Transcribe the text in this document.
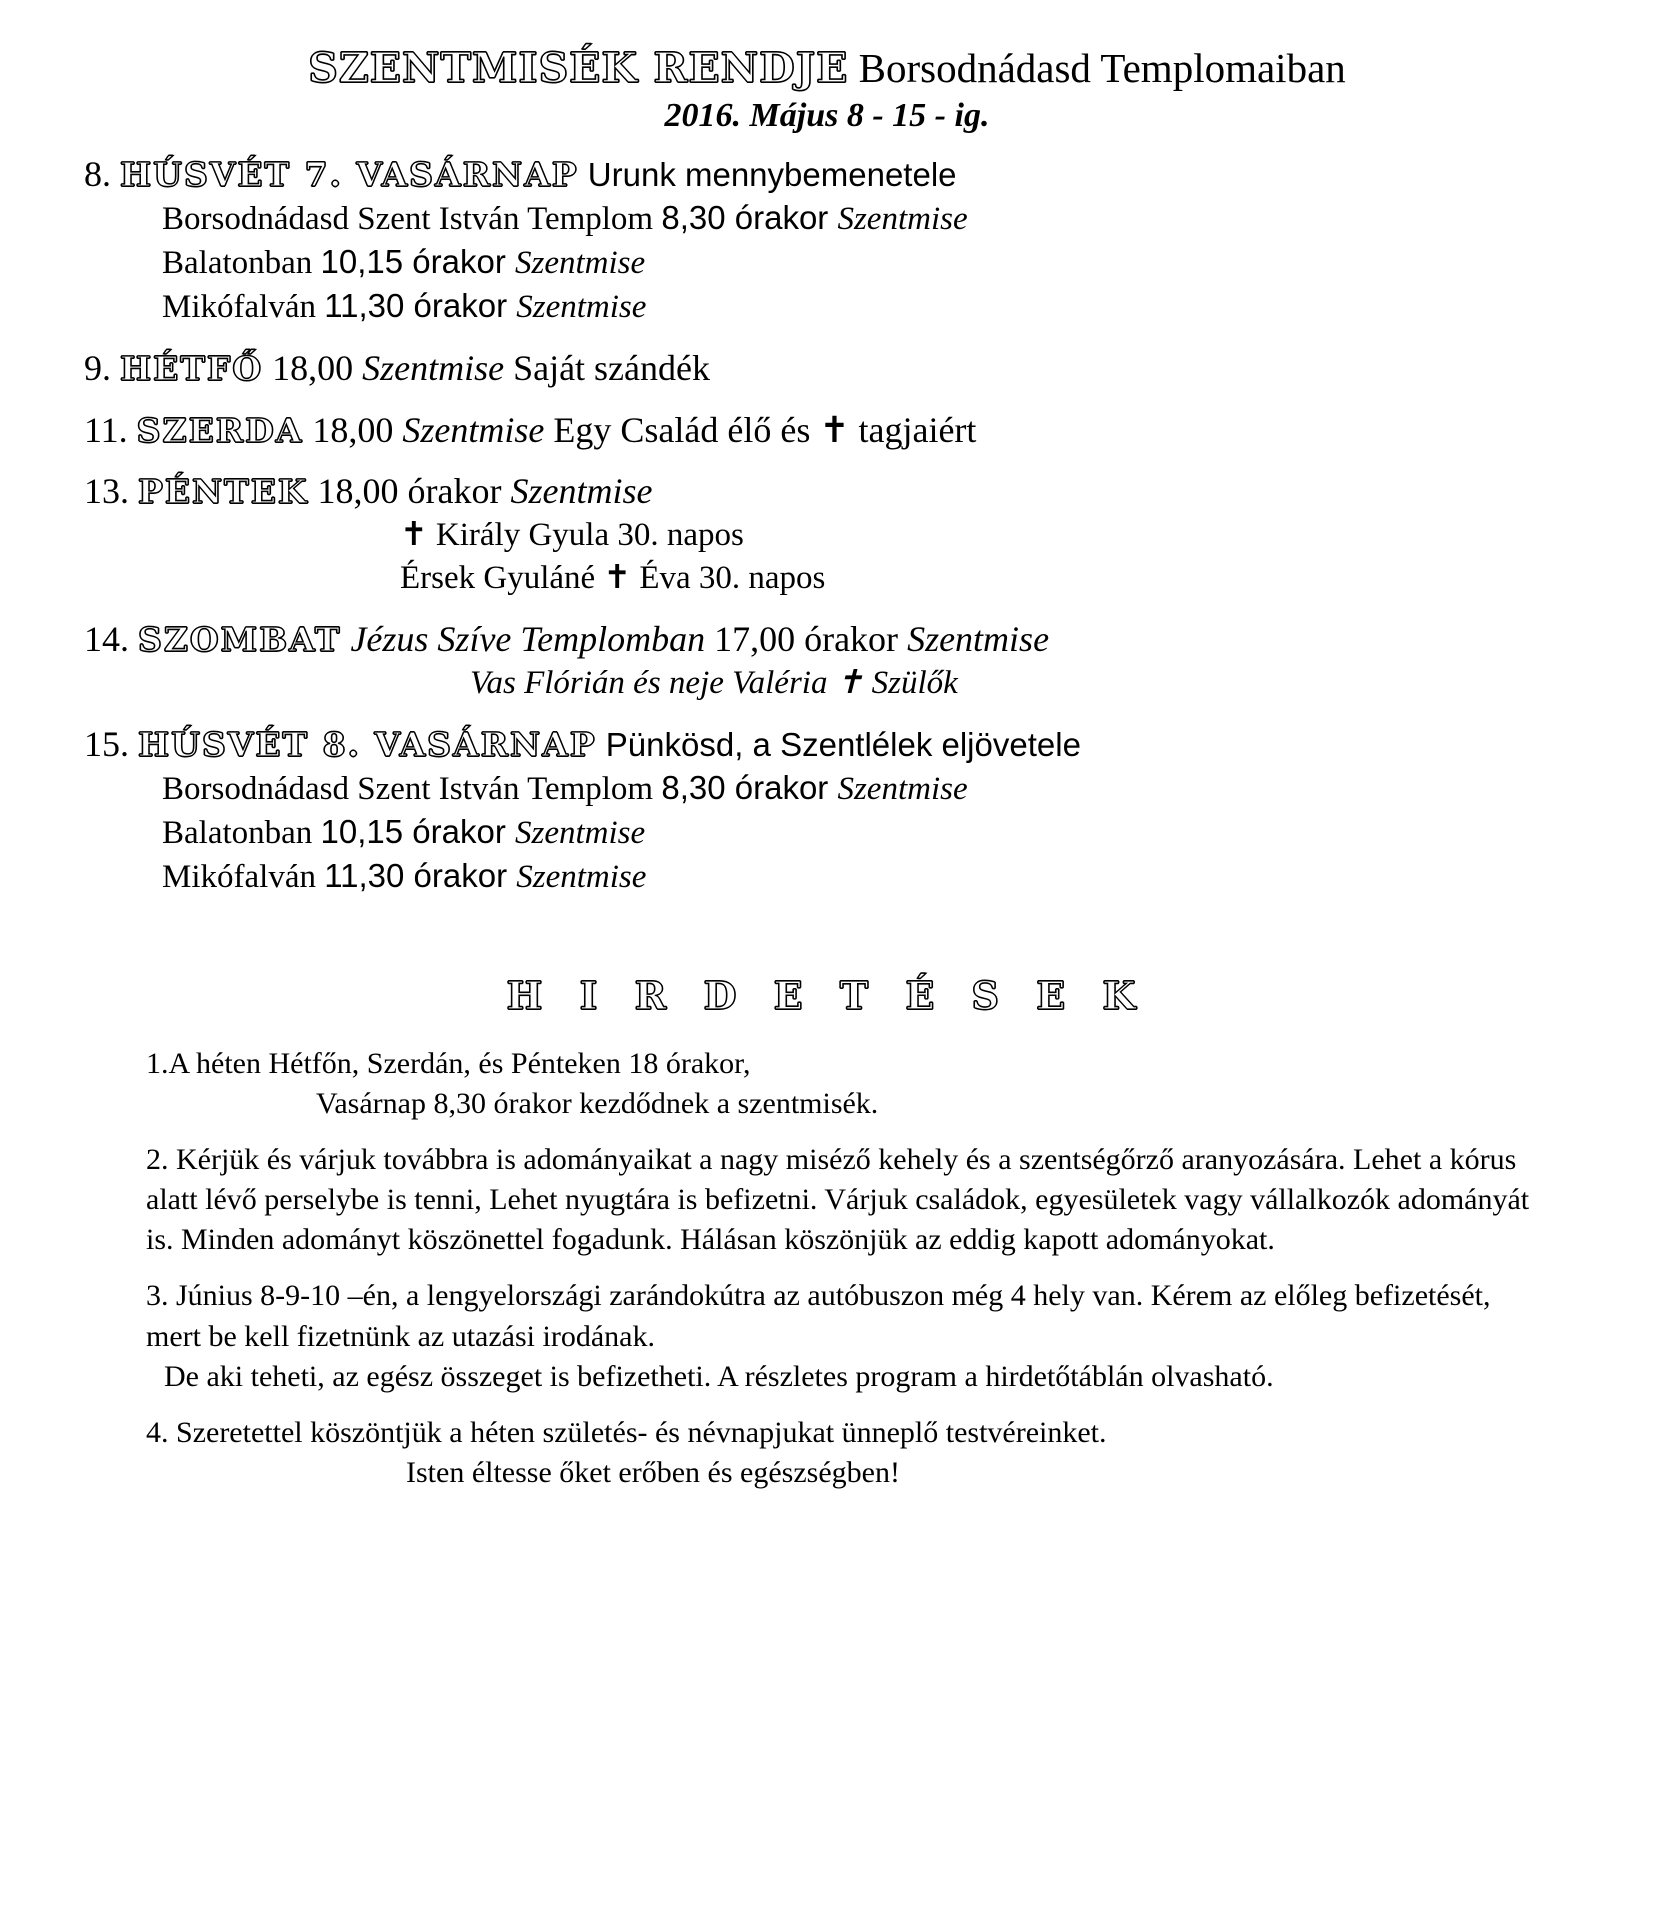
SZENTMISÉK RENDJE Borsodnádasd Templomaiban
2016. Május 8 - 15 - ig.
8. HÚSVÉT 7. VASÁRNAP Urunk mennybemenetele
Borsodnádasd Szent István Templom 8,30 órakor Szentmise
Balatonban 10,15 órakor Szentmise
Mikófalván 11,30 órakor Szentmise
9. HÉTFŐ 18,00 Szentmise Saját szándék
11. SZERDA 18,00 Szentmise Egy Család élő és ✝ tagjaiért
13. PÉNTEK 18,00 órakor Szentmise
✝ Király Gyula 30. napos
Érsek Gyuláné ✝ Éva 30. napos
14. SZOMBAT Jézus Szíve Templomban 17,00 órakor Szentmise
Vas Flórián és neje Valéria ✝ Szülők
15. HÚSVÉT 8. VASÁRNAP Pünkösd, a Szentlélek eljövetele
Borsodnádasd Szent István Templom 8,30 órakor Szentmise
Balatonban 10,15 órakor Szentmise
Mikófalván 11,30 órakor Szentmise
H I R D E T É S E K

1.A héten Hétfőn, Szerdán, és Pénteken 18 órakor,

Vasárnap 8,30 órakor kezdődnek a szentmisék.

2. Kérjük és várjuk továbbra is adományaikat a nagy miséző kehely és a szentségőrző aranyozására. Lehet a kórus alatt lévő perselybe is tenni, Lehet nyugtára is befizetni. Várjuk családok, egyesületek vagy vállalkozók adományát is. Minden adományt köszönettel fogadunk. Hálásan köszönjük az eddig kapott adományokat.

3. Június 8-9-10 –én, a lengyelországi zarándokútra az autóbuszon még 4 hely van. Kérem az előleg befizetését, mert be kell fizetnünk az utazási irodának.

De aki teheti, az egész összeget is befizetheti. A részletes program a hirdetőtáblán olvasható.

4. Szeretettel köszöntjük a héten születés- és névnapjukat ünneplő testvéreinket.

Isten éltesse őket erőben és egészségben!
